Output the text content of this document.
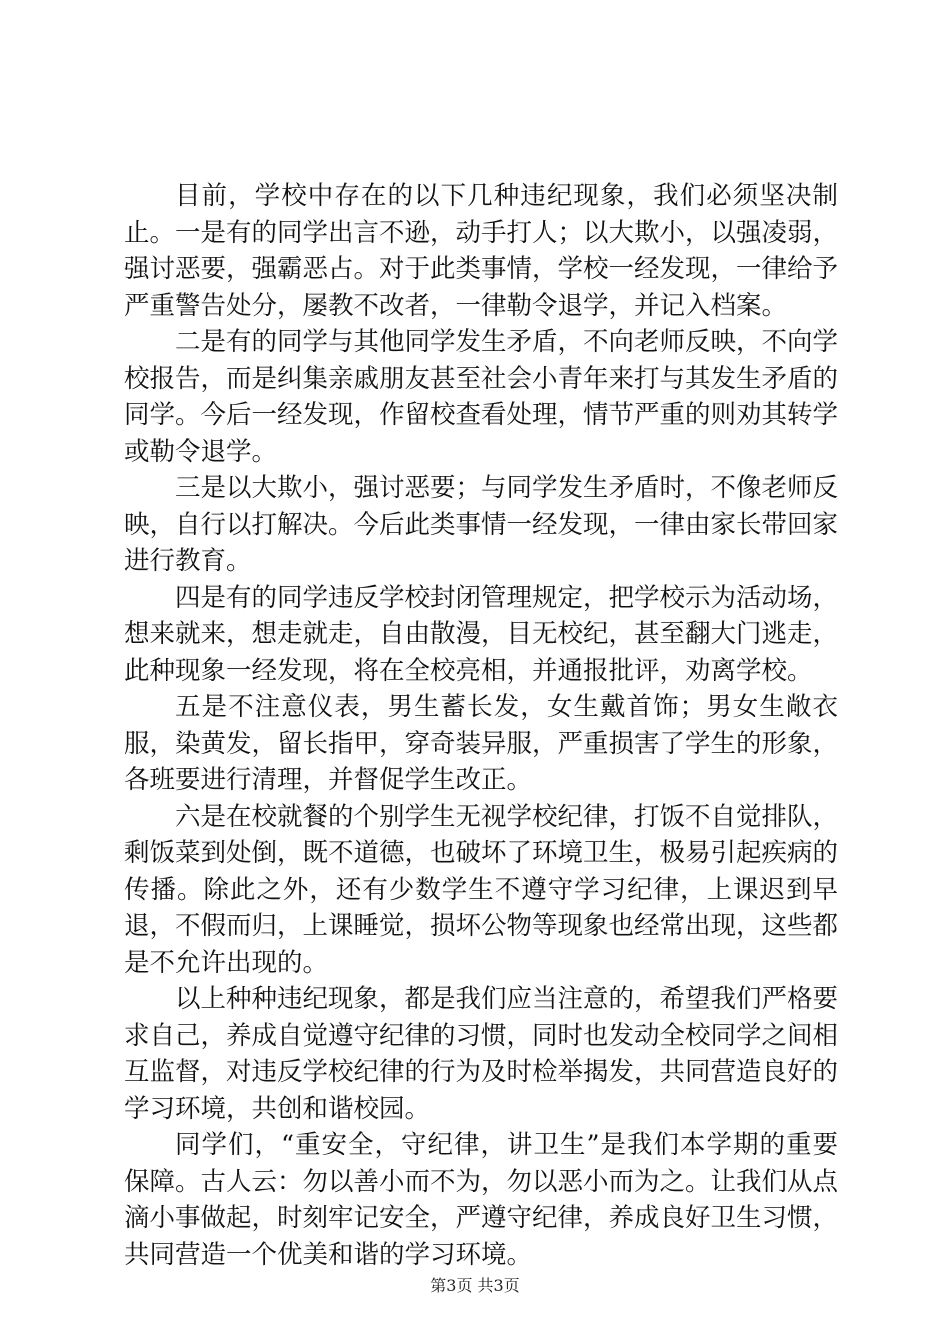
目前，学校中存在的以下几种违纪现象，我们必须坚决制止。一是有的同学出言不逊，动手打人；以大欺小，以强凌弱，强讨恶要，强霸恶占。对于此类事情，学校一经发现，一律给予严重警告处分，屡教不改者，一律勒令退学，并记入档案。

二是有的同学与其他同学发生矛盾，不向老师反映，不向学校报告，而是纠集亲戚朋友甚至社会小青年来打与其发生矛盾的同学。今后一经发现，作留校查看处理，情节严重的则劝其转学或勒令退学。

三是以大欺小，强讨恶要；与同学发生矛盾时，不像老师反映，自行以打解决。今后此类事情一经发现，一律由家长带回家进行教育。

四是有的同学违反学校封闭管理规定，把学校示为活动场，想来就来，想走就走，自由散漫，目无校纪，甚至翻大门逃走，此种现象一经发现，将在全校亮相，并通报批评，劝离学校。

五是不注意仪表，男生蓄长发，女生戴首饰；男女生敞衣服，染黄发，留长指甲，穿奇装异服，严重损害了学生的形象，各班要进行清理，并督促学生改正。

六是在校就餐的个别学生无视学校纪律，打饭不自觉排队，剩饭菜到处倒，既不道德，也破坏了环境卫生，极易引起疾病的传播。除此之外，还有少数学生不遵守学习纪律，上课迟到早退，不假而归，上课睡觉，损坏公物等现象也经常出现，这些都是不允许出现的。

以上种种违纪现象，都是我们应当注意的，希望我们严格要求自己，养成自觉遵守纪律的习惯，同时也发动全校同学之间相互监督，对违反学校纪律的行为及时检举揭发，共同营造良好的学习环境，共创和谐校园。

同学们，“重安全，守纪律，讲卫生”是我们本学期的重要保障。古人云：勿以善小而不为，勿以恶小而为之。让我们从点滴小事做起，时刻牢记安全，严遵守纪律，养成良好卫生习惯，共同营造一个优美和谐的学习环境。

第3页 共3页
